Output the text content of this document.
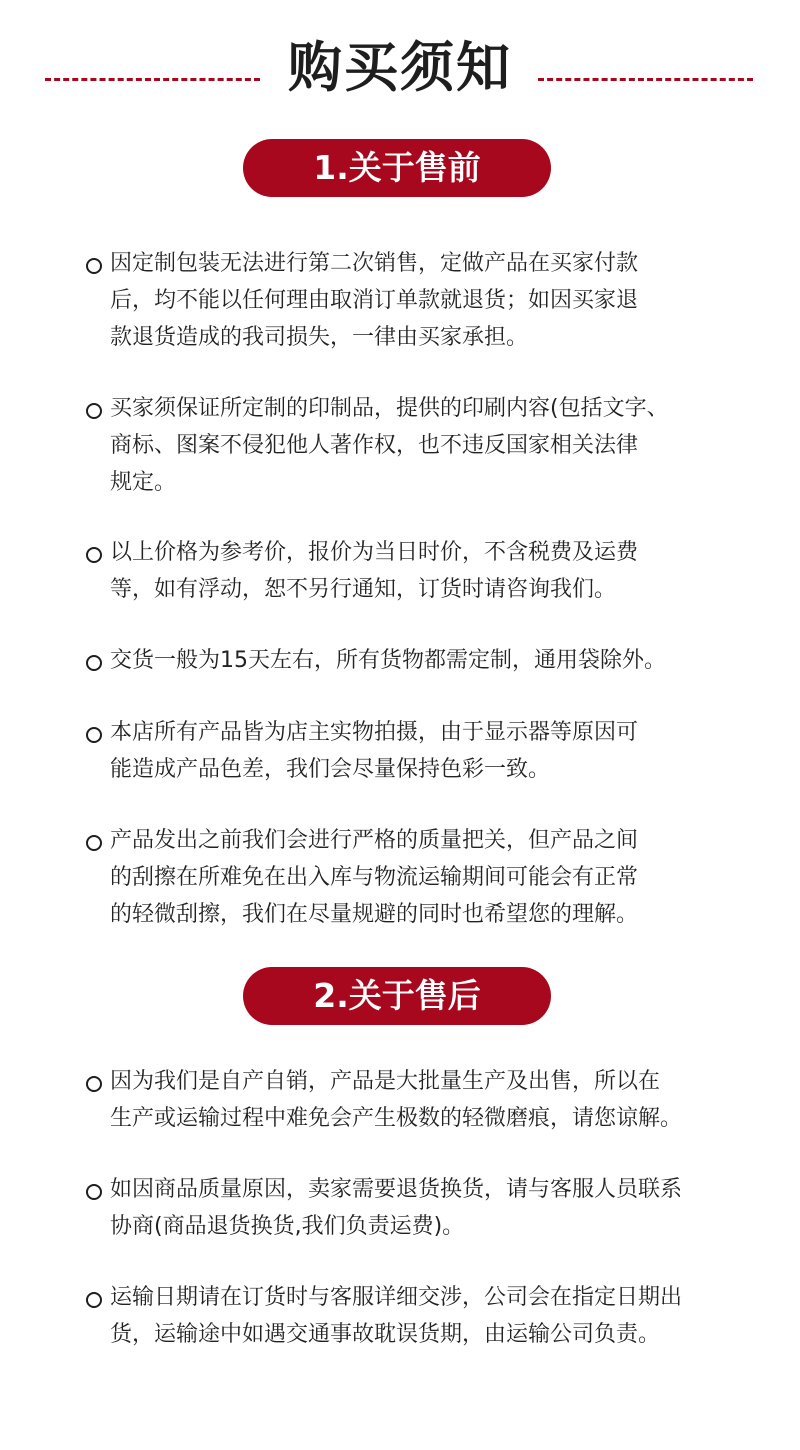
购买须知
1.关于售前
因定制包装无法进行第二次销售，定做产品在买家付款
后，均不能以任何理由取消订单款就退货；如因买家退
款退货造成的我司损失，一律由买家承担。
买家须保证所定制的印制品，提供的印刷内容(包括文字、
商标、图案不侵犯他人著作权，也不违反国家相关法律
规定。
以上价格为参考价，报价为当日时价，不含税费及运费
等，如有浮动，恕不另行通知，订货时请咨询我们。
交货一般为15天左右，所有货物都需定制，通用袋除外。
本店所有产品皆为店主实物拍摄，由于显示器等原因可
能造成产品色差，我们会尽量保持色彩一致。
产品发出之前我们会进行严格的质量把关，但产品之间
的刮擦在所难免在出入库与物流运输期间可能会有正常
的轻微刮擦，我们在尽量规避的同时也希望您的理解。
2.关于售后
因为我们是自产自销，产品是大批量生产及出售，所以在
生产或运输过程中难免会产生极数的轻微磨痕，请您谅解。
如因商品质量原因，卖家需要退货换货，请与客服人员联系
协商(商品退货换货,我们负责运费)。
运输日期请在订货时与客服详细交涉，公司会在指定日期出
货，运输途中如遇交通事故耽误货期，由运输公司负责。
